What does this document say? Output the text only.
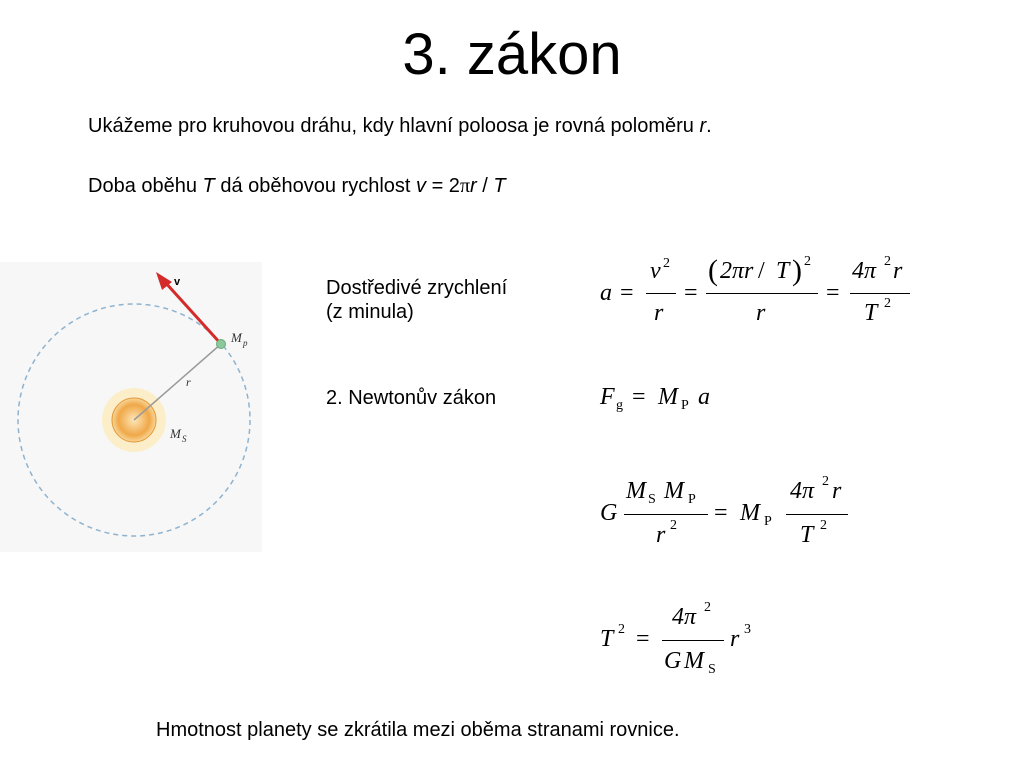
3. zákon
Ukážeme pro kruhovou dráhu, kdy hlavní poloosa je rovná poloměru r.
Doba oběhu T dá oběhovou rychlost v = 2πr / T
Dostředivé zrychlení
(z minula)
2. Newtonův zákon
Hmotnost planety se zkrátila mezi oběma stranami rovnice.
v
M p
r
M S
a =
v 2
r
=
( 2πr / T ) 2
r
=
4π 2 r
T 2
F g = M P a
G
M S M P
r 2 = M P
4π 2 r
T 2
T 2 =
4π 2
G M S
r 3
